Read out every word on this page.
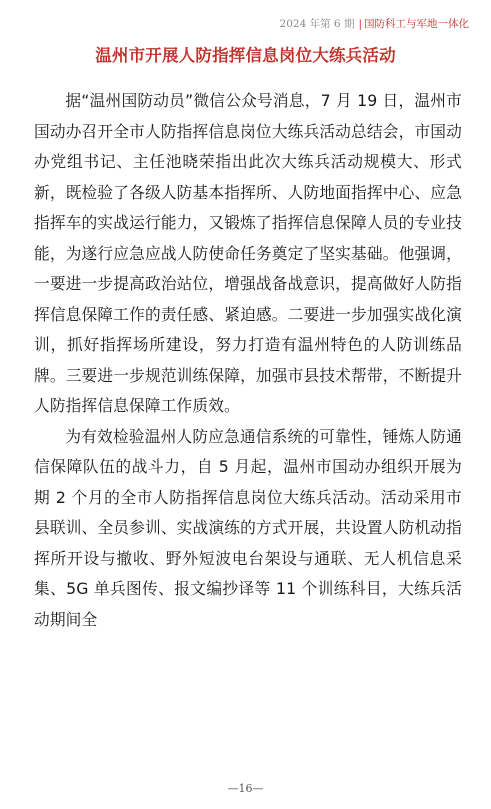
2024 年第 6 期 | 国防科工与军地一体化
温州市开展人防指挥信息岗位大练兵活动

据“温州国防动员”微信公众号消息，7 月 19 日，温州市国动办召开全市人防指挥信息岗位大练兵活动总结会，市国动办党组书记、主任池晓荣指出此次大练兵活动规模大、形式新，既检验了各级人防基本指挥所、人防地面指挥中心、应急指挥车的实战运行能力，又锻炼了指挥信息保障人员的专业技能，为遂行应急应战人防使命任务奠定了坚实基础。他强调，一要进一步提高政治站位，增强战备战意识，提高做好人防指挥信息保障工作的责任感、紧迫感。二要进一步加强实战化演训，抓好指挥场所建设，努力打造有温州特色的人防训练品牌。三要进一步规范训练保障，加强市县技术帮带，不断提升人防指挥信息保障工作质效。

为有效检验温州人防应急通信系统的可靠性，锤炼人防通信保障队伍的战斗力，自 5 月起，温州市国动办组织开展为期 2 个月的全市人防指挥信息岗位大练兵活动。活动采用市县联训、全员参训、实战演练的方式开展，共设置人防机动指挥所开设与撤收、野外短波电台架设与通联、无人机信息采集、5G 单兵图传、报文编抄译等 11 个训练科目，大练兵活动期间全

—16—
